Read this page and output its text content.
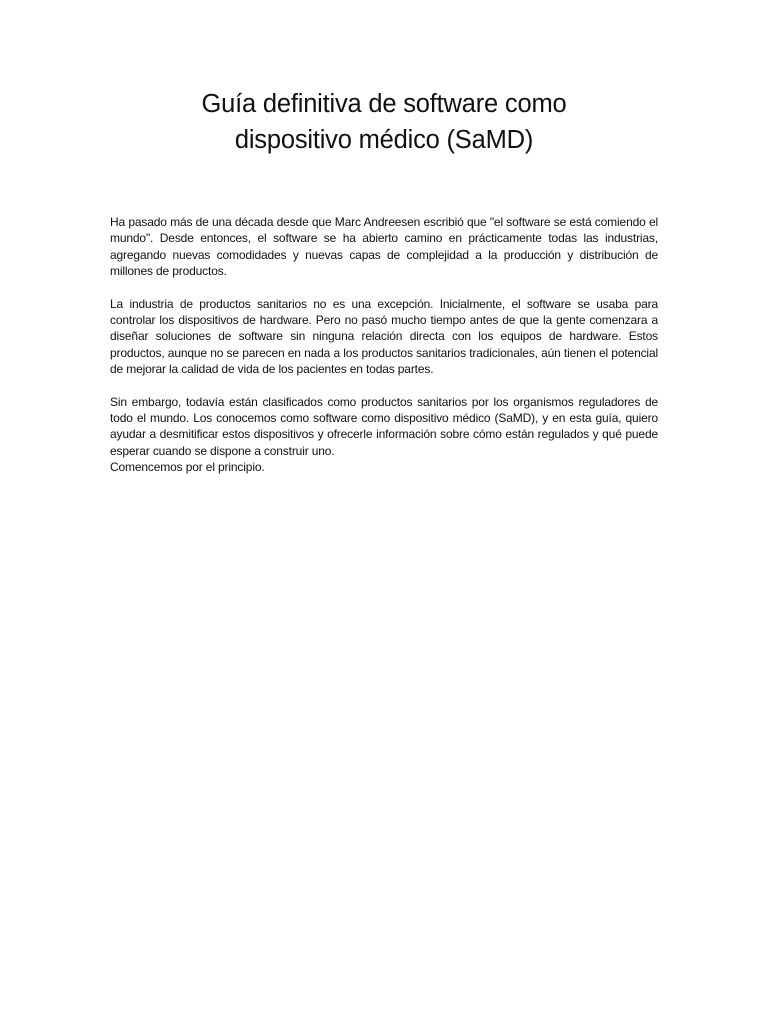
Guía definitiva de software como
dispositivo médico (SaMD)

Ha pasado más de una década desde que Marc Andreesen escribió que "el software se está comiendo el mundo". Desde entonces, el software se ha abierto camino en prácticamente todas las industrias, agregando nuevas comodidades y nuevas capas de complejidad a la producción y distribución de millones de productos.

La industria de productos sanitarios no es una excepción. Inicialmente, el software se usaba para controlar los dispositivos de hardware. Pero no pasó mucho tiempo antes de que la gente comenzara a diseñar soluciones de software sin ninguna relación directa con los equipos de hardware. Estos productos, aunque no se parecen en nada a los productos sanitarios tradicionales, aún tienen el potencial de mejorar la calidad de vida de los pacientes en todas partes.

Sin embargo, todavía están clasificados como productos sanitarios por los organismos reguladores de todo el mundo. Los conocemos como software como dispositivo médico (SaMD), y en esta guía, quiero ayudar a desmitificar estos dispositivos y ofrecerle información sobre cómo están regulados y qué puede esperar cuando se dispone a construir uno.

Comencemos por el principio.
